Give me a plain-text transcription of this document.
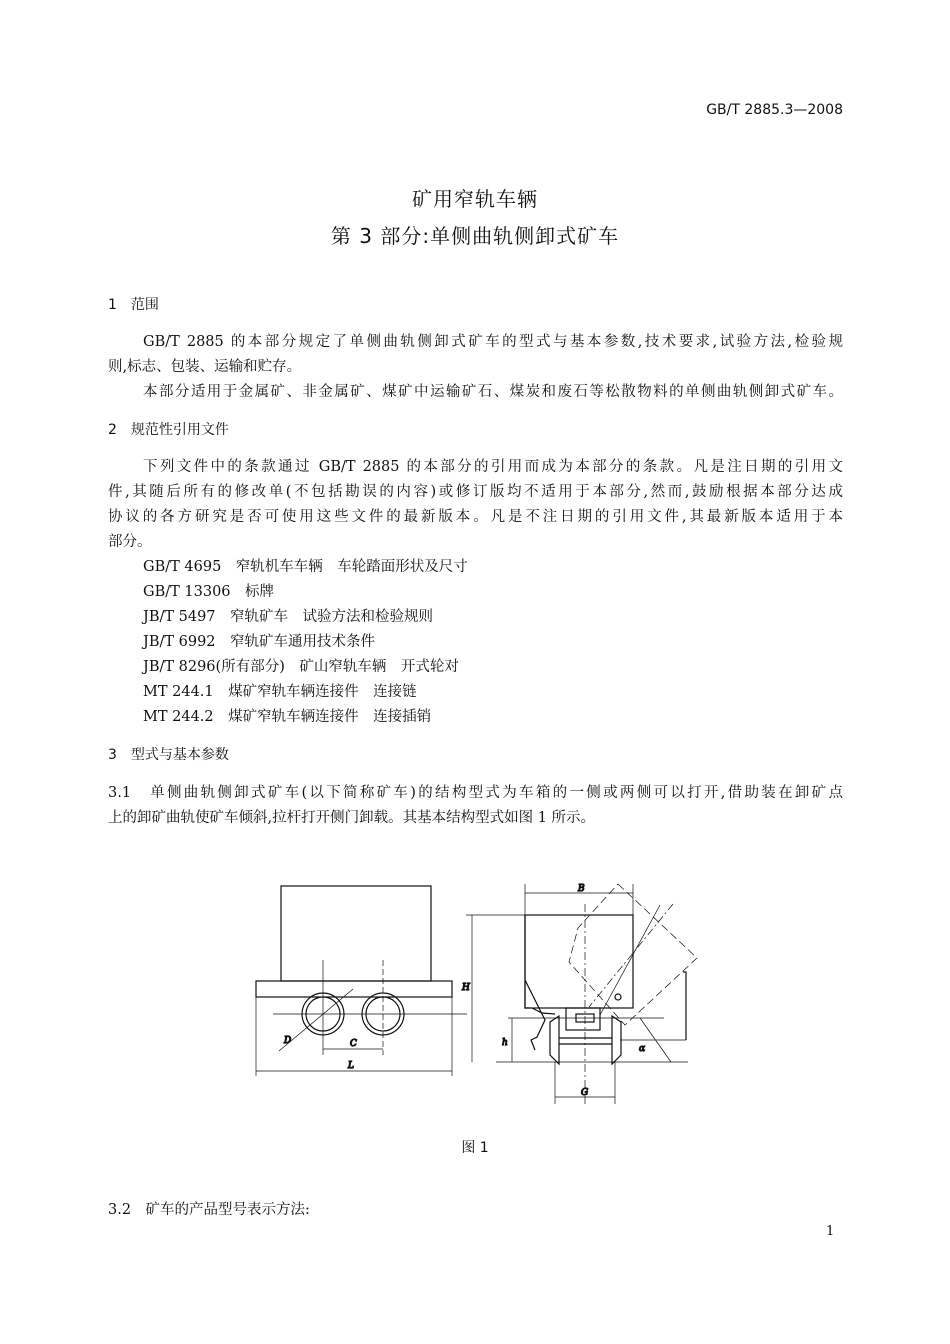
GB/T 2885.3—2008
矿用窄轨车辆
第 3 部分:单侧曲轨侧卸式矿车
1　范围
GB/T 2885 的本部分规定了单侧曲轨侧卸式矿车的型式与基本参数,技术要求,试验方法,检验规
则,标志、包装、运输和贮存。
本部分适用于金属矿、非金属矿、煤矿中运输矿石、煤炭和废石等松散物料的单侧曲轨侧卸式矿车。
2　规范性引用文件
下列文件中的条款通过 GB/T 2885 的本部分的引用而成为本部分的条款。凡是注日期的引用文
件,其随后所有的修改单(不包括勘误的内容)或修订版均不适用于本部分,然而,鼓励根据本部分达成
协议的各方研究是否可使用这些文件的最新版本。凡是不注日期的引用文件,其最新版本适用于本
部分。
GB/T 4695　窄轨机车车辆　车轮踏面形状及尺寸
GB/T 13306　标牌
JB/T 5497　窄轨矿车　试验方法和检验规则
JB/T 6992　窄轨矿车通用技术条件
JB/T 8296(所有部分)　矿山窄轨车辆　开式轮对
MT 244.1　煤矿窄轨车辆连接件　连接链
MT 244.2　煤矿窄轨车辆连接件　连接插销
3　型式与基本参数
3.1　单侧曲轨侧卸式矿车(以下简称矿车)的结构型式为车箱的一侧或两侧可以打开,借助装在卸矿点
上的卸矿曲轨使矿车倾斜,拉杆打开侧门卸载。其基本结构型式如图 1 所示。
L
C
D
B
H
h
G
α
图 1
3.2　矿车的产品型号表示方法:
1
